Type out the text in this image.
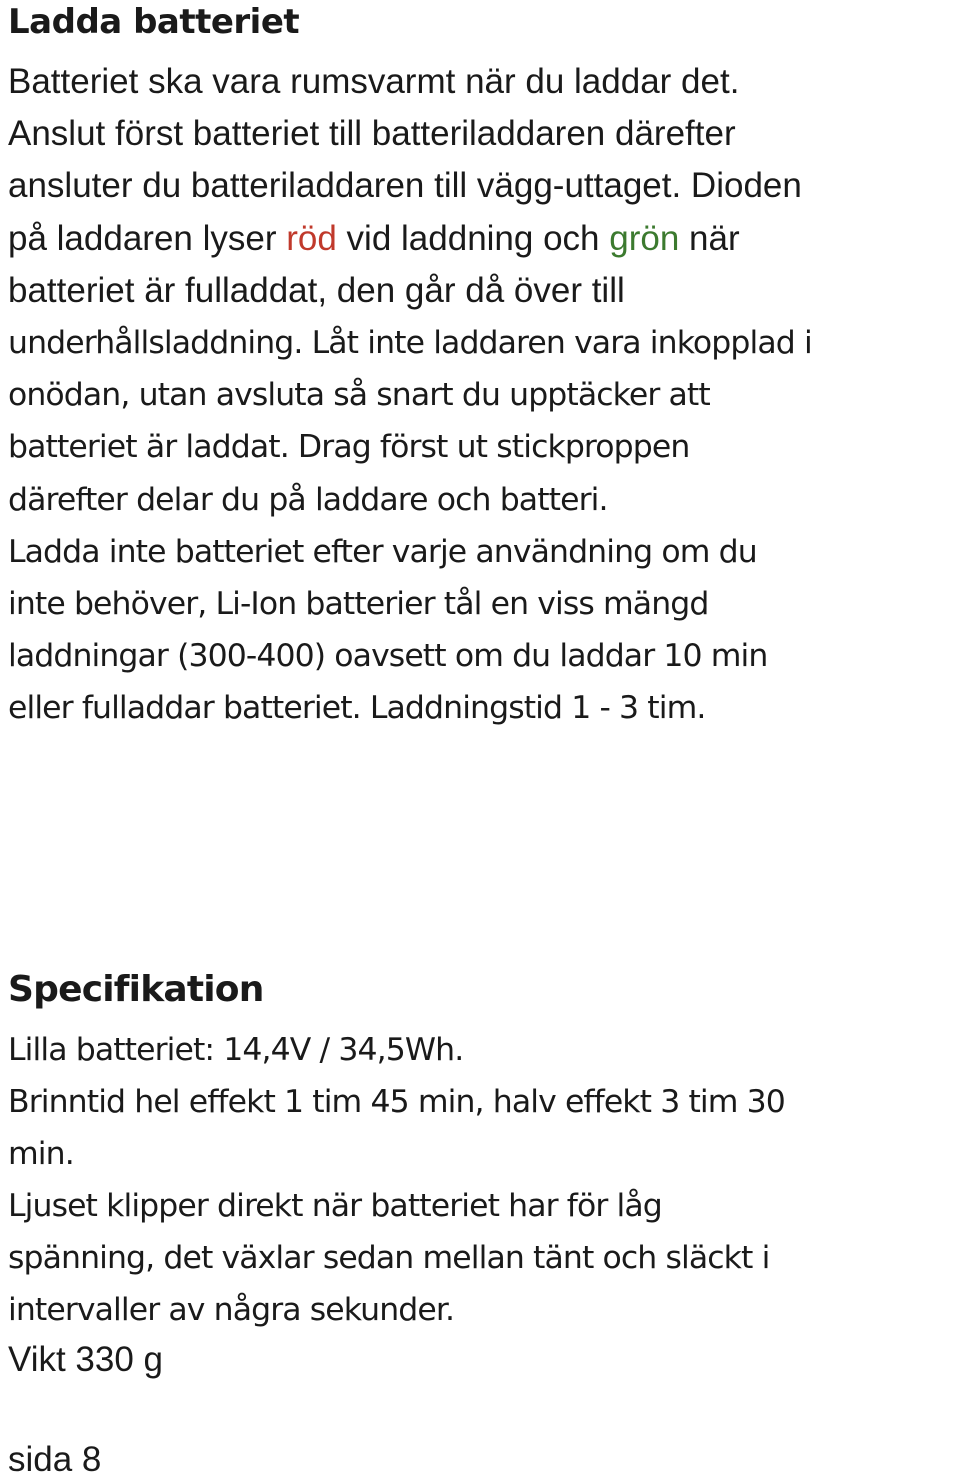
Ladda batteriet
Batteriet ska vara rumsvarmt när du laddar det.
Anslut först batteriet till batteriladdaren därefter
ansluter du batteriladdaren till vägg-uttaget. Dioden
på laddaren lyser röd vid laddning och grön när
batteriet är fulladdat, den går då över till
underhållsladdning. Låt inte laddaren vara inkopplad i
onödan, utan avsluta så snart du upptäcker att
batteriet är laddat. Drag först ut stickproppen
därefter delar du på laddare och batteri.
Ladda inte batteriet efter varje användning om du
inte behöver, Li-Ion batterier tål en viss mängd
laddningar (300-400) oavsett om du laddar 10 min
eller fulladdar batteriet. Laddningstid 1 - 3 tim.
Specifikation
Lilla batteriet: 14,4V / 34,5Wh.
Brinntid hel effekt 1 tim 45 min, halv effekt 3 tim 30
min.
Ljuset klipper direkt när batteriet har för låg
spänning, det växlar sedan mellan tänt och släckt i
intervaller av några sekunder.
Vikt 330 g
sida 8
